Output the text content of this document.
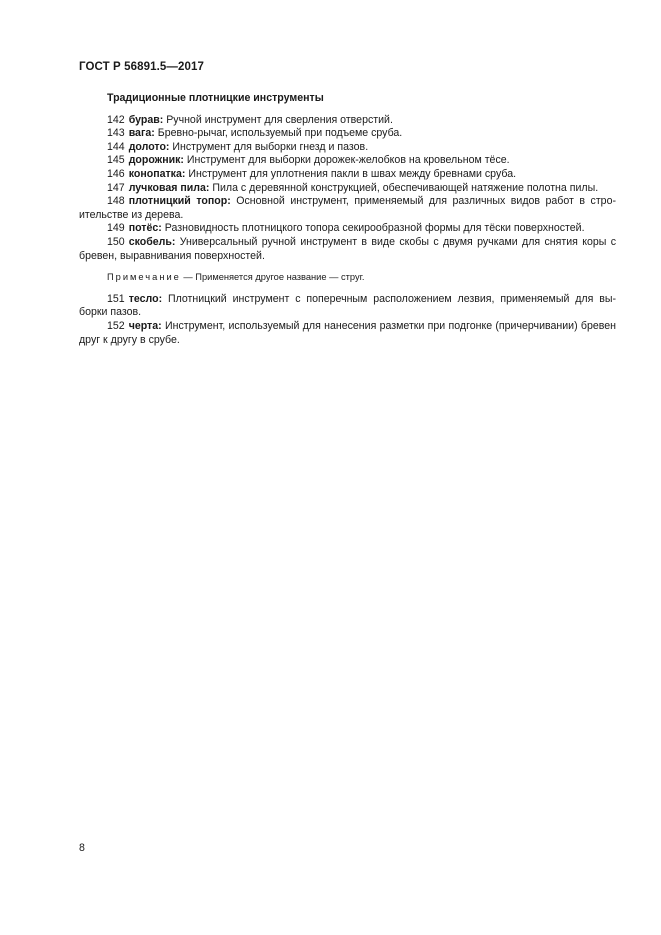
ГОСТ Р 56891.5—2017
Традиционные плотницкие инструменты
142 бурав: Ручной инструмент для сверления отверстий.
143 вага: Бревно-рычаг, используемый при подъеме сруба.
144 долото: Инструмент для выборки гнезд и пазов.
145 дорожник: Инструмент для выборки дорожек-желобков на кровельном тёсе.
146 конопатка: Инструмент для уплотнения пакли в швах между бревнами сруба.
147 лучковая пила: Пила с деревянной конструкцией, обеспечивающей натяжение полотна пилы.
148 плотницкий топор: Основной инструмент, применяемый для различных видов работ в стро-ительстве из дерева.
149 потёс: Разновидность плотницкого топора секирообразной формы для тёски поверхностей.
150 скобель: Универсальный ручной инструмент в виде скобы с двумя ручками для снятия коры с бревен, выравнивания поверхностей.
Примечание — Применяется другое название — струг.
151 тесло: Плотницкий инструмент с поперечным расположением лезвия, применяемый для вы-борки пазов.
152 черта: Инструмент, используемый для нанесения разметки при подгонке (причерчивании) бревен друг к другу в срубе.
8
